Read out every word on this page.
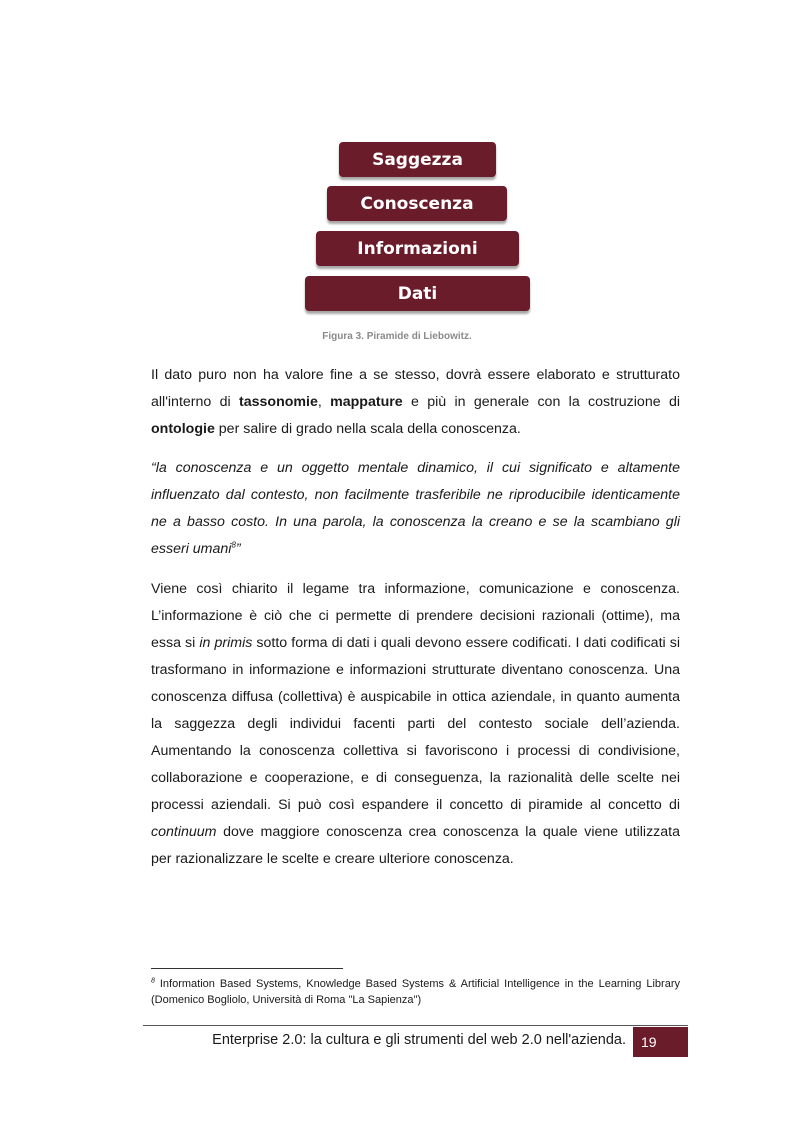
Saggezza
Conoscenza
Informazioni
Dati
Figura 3. Piramide di Liebowitz.

Il dato puro non ha valore fine a se stesso, dovrà essere elaborato e strutturato all'interno di tassonomie, mappature e più in generale con la costruzione di ontologie per salire di grado nella scala della conoscenza.

“la conoscenza e un oggetto mentale dinamico, il cui significato e altamente influenzato dal contesto, non facilmente trasferibile ne riproducibile identicamente ne a basso costo. In una parola, la conoscenza la creano e se la scambiano gli esseri umani$^8$”

Viene così chiarito il legame tra informazione, comunicazione e conoscenza. L’informazione è ciò che ci permette di prendere decisioni razionali (ottime), ma essa si in primis sotto forma di dati i quali devono essere codificati. I dati codificati si trasformano in informazione e informazioni strutturate diventano conoscenza. Una conoscenza diffusa (collettiva) è auspicabile in ottica aziendale, in quanto aumenta la saggezza degli individui facenti parti del contesto sociale dell’azienda. Aumentando la conoscenza collettiva si favoriscono i processi di condivisione, collaborazione e cooperazione, e di conseguenza, la razionalità delle scelte nei processi aziendali. Si può così espandere il concetto di piramide al concetto di continuum dove maggiore conoscenza crea conoscenza la quale viene utilizzata per razionalizzare le scelte e creare ulteriore conoscenza.

$^8$ Information Based Systems, Knowledge Based Systems & Artificial Intelligence in the Learning Library (Domenico Bogliolo, Università di Roma "La Sapienza")

Enterprise 2.0: la cultura e gli strumenti del web 2.0 nell'azienda.	19
